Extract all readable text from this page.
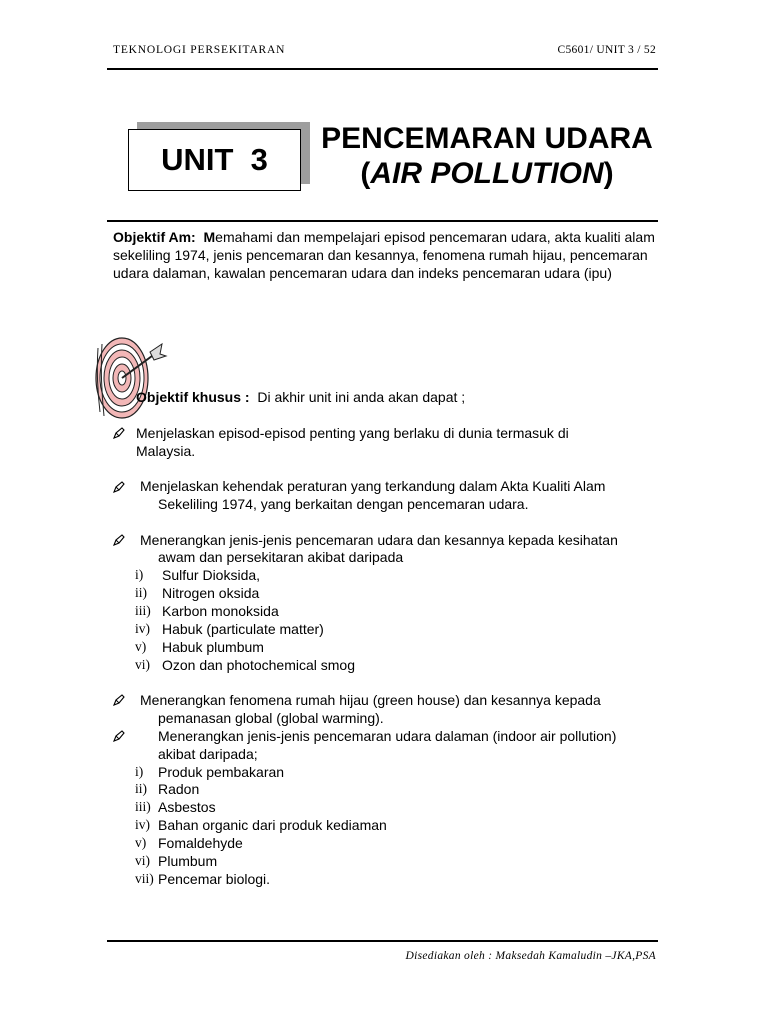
TEKNOLOGI PERSEKITARAN	C5601/ UNIT 3 / 52
UNIT  3
PENCEMARAN UDARA
(AIR POLLUTION)
Objektif Am: Memahami dan mempelajari episod pencemaran udara, akta kualiti alam sekeliling 1974, jenis pencemaran dan kesannya, fenomena rumah hijau, pencemaran udara dalaman, kawalan pencemaran udara dan indeks pencemaran udara (ipu)
Objektif khusus : Di akhir unit ini anda akan dapat ;
Menjelaskan episod-episod penting yang berlaku di dunia termasuk di
Malaysia.
Menjelaskan kehendak peraturan yang terkandung dalam Akta Kualiti Alam
Sekeliling 1974, yang berkaitan dengan pencemaran udara.
Menerangkan jenis-jenis pencemaran udara dan kesannya kepada kesihatan
awam dan persekitaran akibat daripada
i) Sulfur Dioksida,
ii) Nitrogen oksida
iii) Karbon monoksida
iv) Habuk (particulate matter)
v) Habuk plumbum
vi) Ozon dan photochemical smog
Menerangkan fenomena rumah hijau (green house) dan kesannya kepada
pemanasan global (global warming).
Menerangkan jenis-jenis pencemaran udara dalaman (indoor air pollution)
akibat daripada;
i) Produk pembakaran
ii) Radon
iii) Asbestos
iv) Bahan organic dari produk kediaman
v) Fomaldehyde
vi) Plumbum
vii) Pencemar biologi.
Disediakan oleh : Maksedah Kamaludin –JKA,PSA
